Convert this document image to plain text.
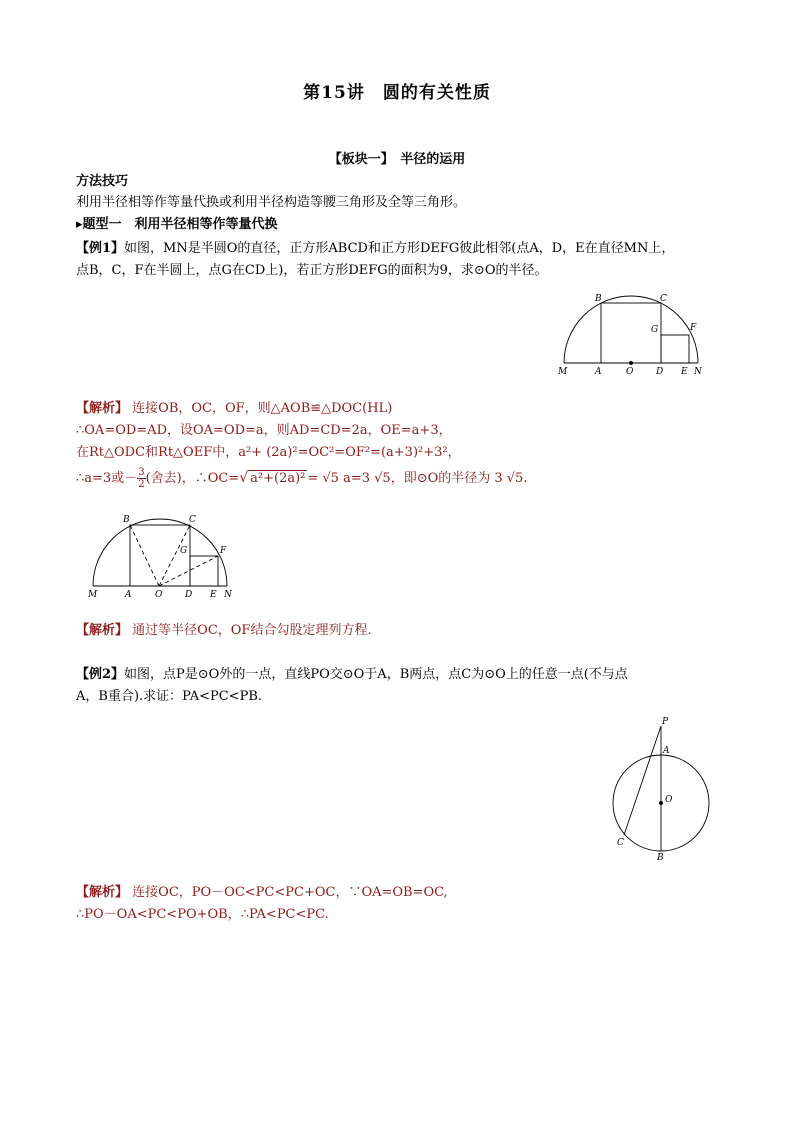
第15讲　圆的有关性质
【板块一】　半径的运用
方法技巧
利用半径相等作等量代换或利用半径构造等腰三角形及全等三角形。
▸题型一　利用半径相等作等量代换
【例1】如图，MN是半圆O的直径，正方形ABCD和正方形DEFG彼此相邻(点A，D，E在直径MN上，
点B，C，F在半圆上，点G在CD上)，若正方形DEFG的面积为9，求⊙O的半径。
M	A	O	D E N
B	C
G	F
【解析】 连接OB，OC，OF，则△AOB≌△DOC(HL)
∴OA=OD=AD，设OA=OD=a，则AD=CD=2a，OE=a+3，
在Rt△ODC和Rt△OEF中，a²+ (2a)²=OC²=OF²=(a+3)²+3²，
∴a=3或－ $\frac{3}{2}$ (舍去)，∴OC=√ a²+(2a)² = √5 a=3 √5，即⊙O的半径为 3 √5.
M	A	O	D E N
B	C
G	F
【解析】 通过等半径OC，OF结合勾股定理列方程.
【例2】如图，点P是⊙O外的一点，直线PO交⊙O于A，B两点，点C为⊙O上的任意一点(不与点
A，B重合).求证：PA<PC<PB.
P
A
O
C
B
【解析】 连接OC，PO－OC<PC<PC+OC，∵OA=OB=OC,
∴PO－OA<PC<PO+OB，∴PA<PC<PC.
